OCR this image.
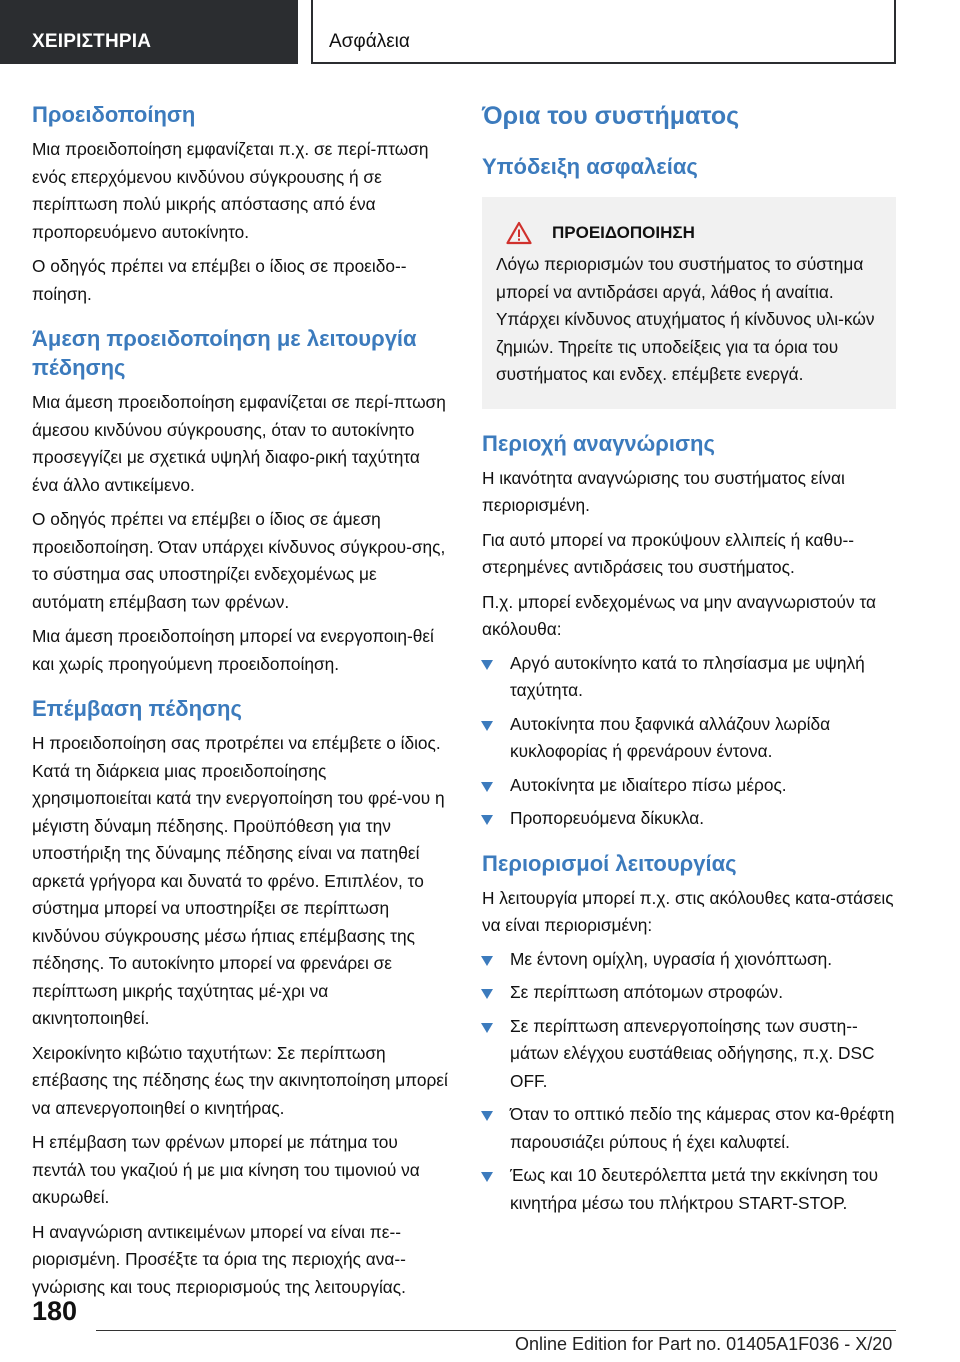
ΧΕΙΡΙΣΤΗΡΙΑ	Ασφάλεια
Προειδοποίηση

Μια προειδοποίηση εμφανίζεται π.χ. σε περί-πτωση ενός επερχόμενου κινδύνου σύγκρουσης ή σε περίπτωση πολύ μικρής απόστασης από ένα προπορευόμενο αυτοκίνητο.

Ο οδηγός πρέπει να επέμβει ο ίδιος σε προειδο-ποίηση.

Άμεση προειδοποίηση με λειτουργία πέδησης

Μια άμεση προειδοποίηση εμφανίζεται σε περί-πτωση άμεσου κινδύνου σύγκρουσης, όταν το αυτοκίνητο προσεγγίζει με σχετικά υψηλή διαφο-ρική ταχύτητα ένα άλλο αντικείμενο.

Ο οδηγός πρέπει να επέμβει ο ίδιος σε άμεση προειδοποίηση. Όταν υπάρχει κίνδυνος σύγκρου-σης, το σύστημα σας υποστηρίζει ενδεχομένως με αυτόματη επέμβαση των φρένων.

Μια άμεση προειδοποίηση μπορεί να ενεργοποιη-θεί και χωρίς προηγούμενη προειδοποίηση.

Επέμβαση πέδησης

Η προειδοποίηση σας προτρέπει να επέμβετε ο ίδιος. Κατά τη διάρκεια μιας προειδοποίησης χρησιμοποιείται κατά την ενεργοποίηση του φρέ-νου η μέγιστη δύναμη πέδησης. Προϋπόθεση για την υποστήριξη της δύναμης πέδησης είναι να πατηθεί αρκετά γρήγορα και δυνατά το φρένο. Επιπλέον, το σύστημα μπορεί να υποστηρίξει σε περίπτωση κινδύνου σύγκρουσης μέσω ήπιας επέμβασης της πέδησης. Το αυτοκίνητο μπορεί να φρενάρει σε περίπτωση μικρής ταχύτητας μέ-χρι να ακινητοποιηθεί.

Χειροκίνητο κιβώτιο ταχυτήτων: Σε περίπτωση επέβασης της πέδησης έως την ακινητοποίηση μπορεί να απενεργοποιηθεί ο κινητήρας.

Η επέμβαση των φρένων μπορεί με πάτημα του πεντάλ του γκαζιού ή με μια κίνηση του τιμονιού να ακυρωθεί.

Η αναγνώριση αντικειμένων μπορεί να είναι πε-ριορισμένη. Προσέξτε τα όρια της περιοχής ανα-γνώρισης και τους περιορισμούς της λειτουργίας.

Όρια του συστήματος
Υπόδειξη ασφαλείας
ΠΡΟΕΙΔΟΠΟΙΗΣΗ

Λόγω περιορισμών του συστήματος το σύστημα μπορεί να αντιδράσει αργά, λάθος ή αναίτια. Υπάρχει κίνδυνος ατυχήματος ή κίνδυνος υλι-κών ζημιών. Τηρείτε τις υποδείξεις για τα όρια του συστήματος και ενδεχ. επέμβετε ενεργά.

Περιοχή αναγνώρισης

Η ικανότητα αναγνώρισης του συστήματος είναι περιορισμένη.

Για αυτό μπορεί να προκύψουν ελλιπείς ή καθυ-στερημένες αντιδράσεις του συστήματος.

Π.χ. μπορεί ενδεχομένως να μην αναγνωριστούν τα ακόλουθα:

Αργό αυτοκίνητο κατά το πλησίασμα με υψηλή ταχύτητα.
Αυτοκίνητα που ξαφνικά αλλάζουν λωρίδα κυκλοφορίας ή φρενάρουν έντονα.
Αυτοκίνητα με ιδιαίτερο πίσω μέρος.
Προπορευόμενα δίκυκλα.
Περιορισμοί λειτουργίας

Η λειτουργία μπορεί π.χ. στις ακόλουθες κατα-στάσεις να είναι περιορισμένη:

Με έντονη ομίχλη, υγρασία ή χιονόπτωση.
Σε περίπτωση απότομων στροφών.
Σε περίπτωση απενεργοποίησης των συστη-μάτων ελέγχου ευστάθειας οδήγησης, π.χ. DSC OFF.
Όταν το οπτικό πεδίο της κάμερας στον κα-θρέφτη παρουσιάζει ρύπους ή έχει καλυφτεί.
Έως και 10 δευτερόλεπτα μετά την εκκίνηση του κινητήρα μέσω του πλήκτρου START-STOP.
180
Online Edition for Part no. 01405A1F036 - X/20
